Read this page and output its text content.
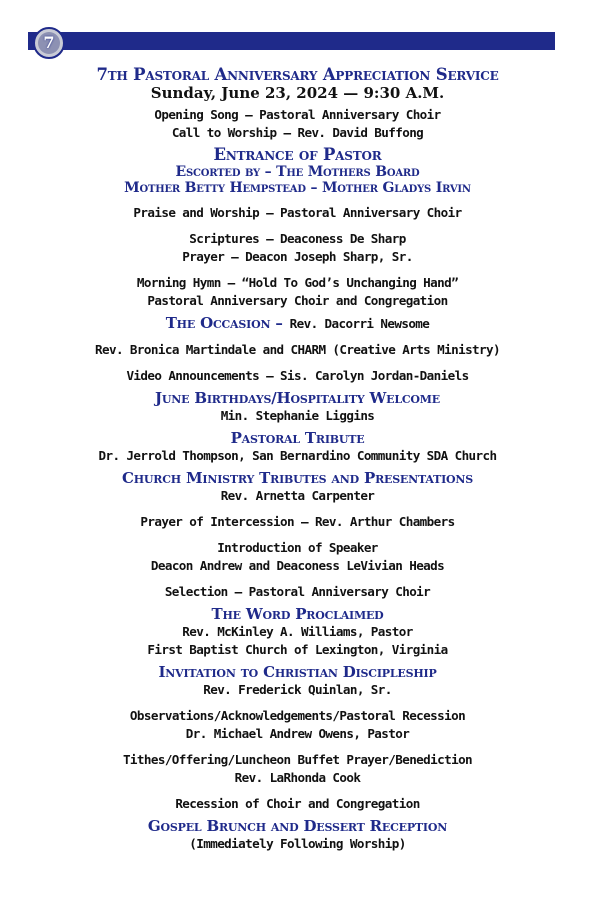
7
7th Pastoral Anniversary Appreciation Service
Sunday, June 23, 2024 — 9:30 A.M.
Opening Song — Pastoral Anniversary Choir
Call to Worship — Rev. David Buffong
Entrance of Pastor
Escorted by – The Mothers Board
Mother Betty Hempstead – Mother Gladys Irvin
Praise and Worship — Pastoral Anniversary Choir
Scriptures — Deaconess De Sharp
Prayer — Deacon Joseph Sharp, Sr.
Morning Hymn — “Hold To God’s Unchanging Hand”
Pastoral Anniversary Choir and Congregation
The Occasion – Rev. Dacorri Newsome
Rev. Bronica Martindale and CHARM (Creative Arts Ministry)
Video Announcements — Sis. Carolyn Jordan-Daniels
June Birthdays/Hospitality Welcome
Min. Stephanie Liggins
Pastoral Tribute
Dr. Jerrold Thompson, San Bernardino Community SDA Church
Church Ministry Tributes and Presentations
Rev. Arnetta Carpenter
Prayer of Intercession — Rev. Arthur Chambers
Introduction of Speaker
Deacon Andrew and Deaconess LeVivian Heads
Selection — Pastoral Anniversary Choir
The Word Proclaimed
Rev. McKinley A. Williams, Pastor
First Baptist Church of Lexington, Virginia
Invitation to Christian Discipleship
Rev. Frederick Quinlan, Sr.
Observations/Acknowledgements/Pastoral Recession
Dr. Michael Andrew Owens, Pastor
Tithes/Offering/Luncheon Buffet Prayer/Benediction
Rev. LaRhonda Cook
Recession of Choir and Congregation
Gospel Brunch and Dessert Reception
(Immediately Following Worship)
